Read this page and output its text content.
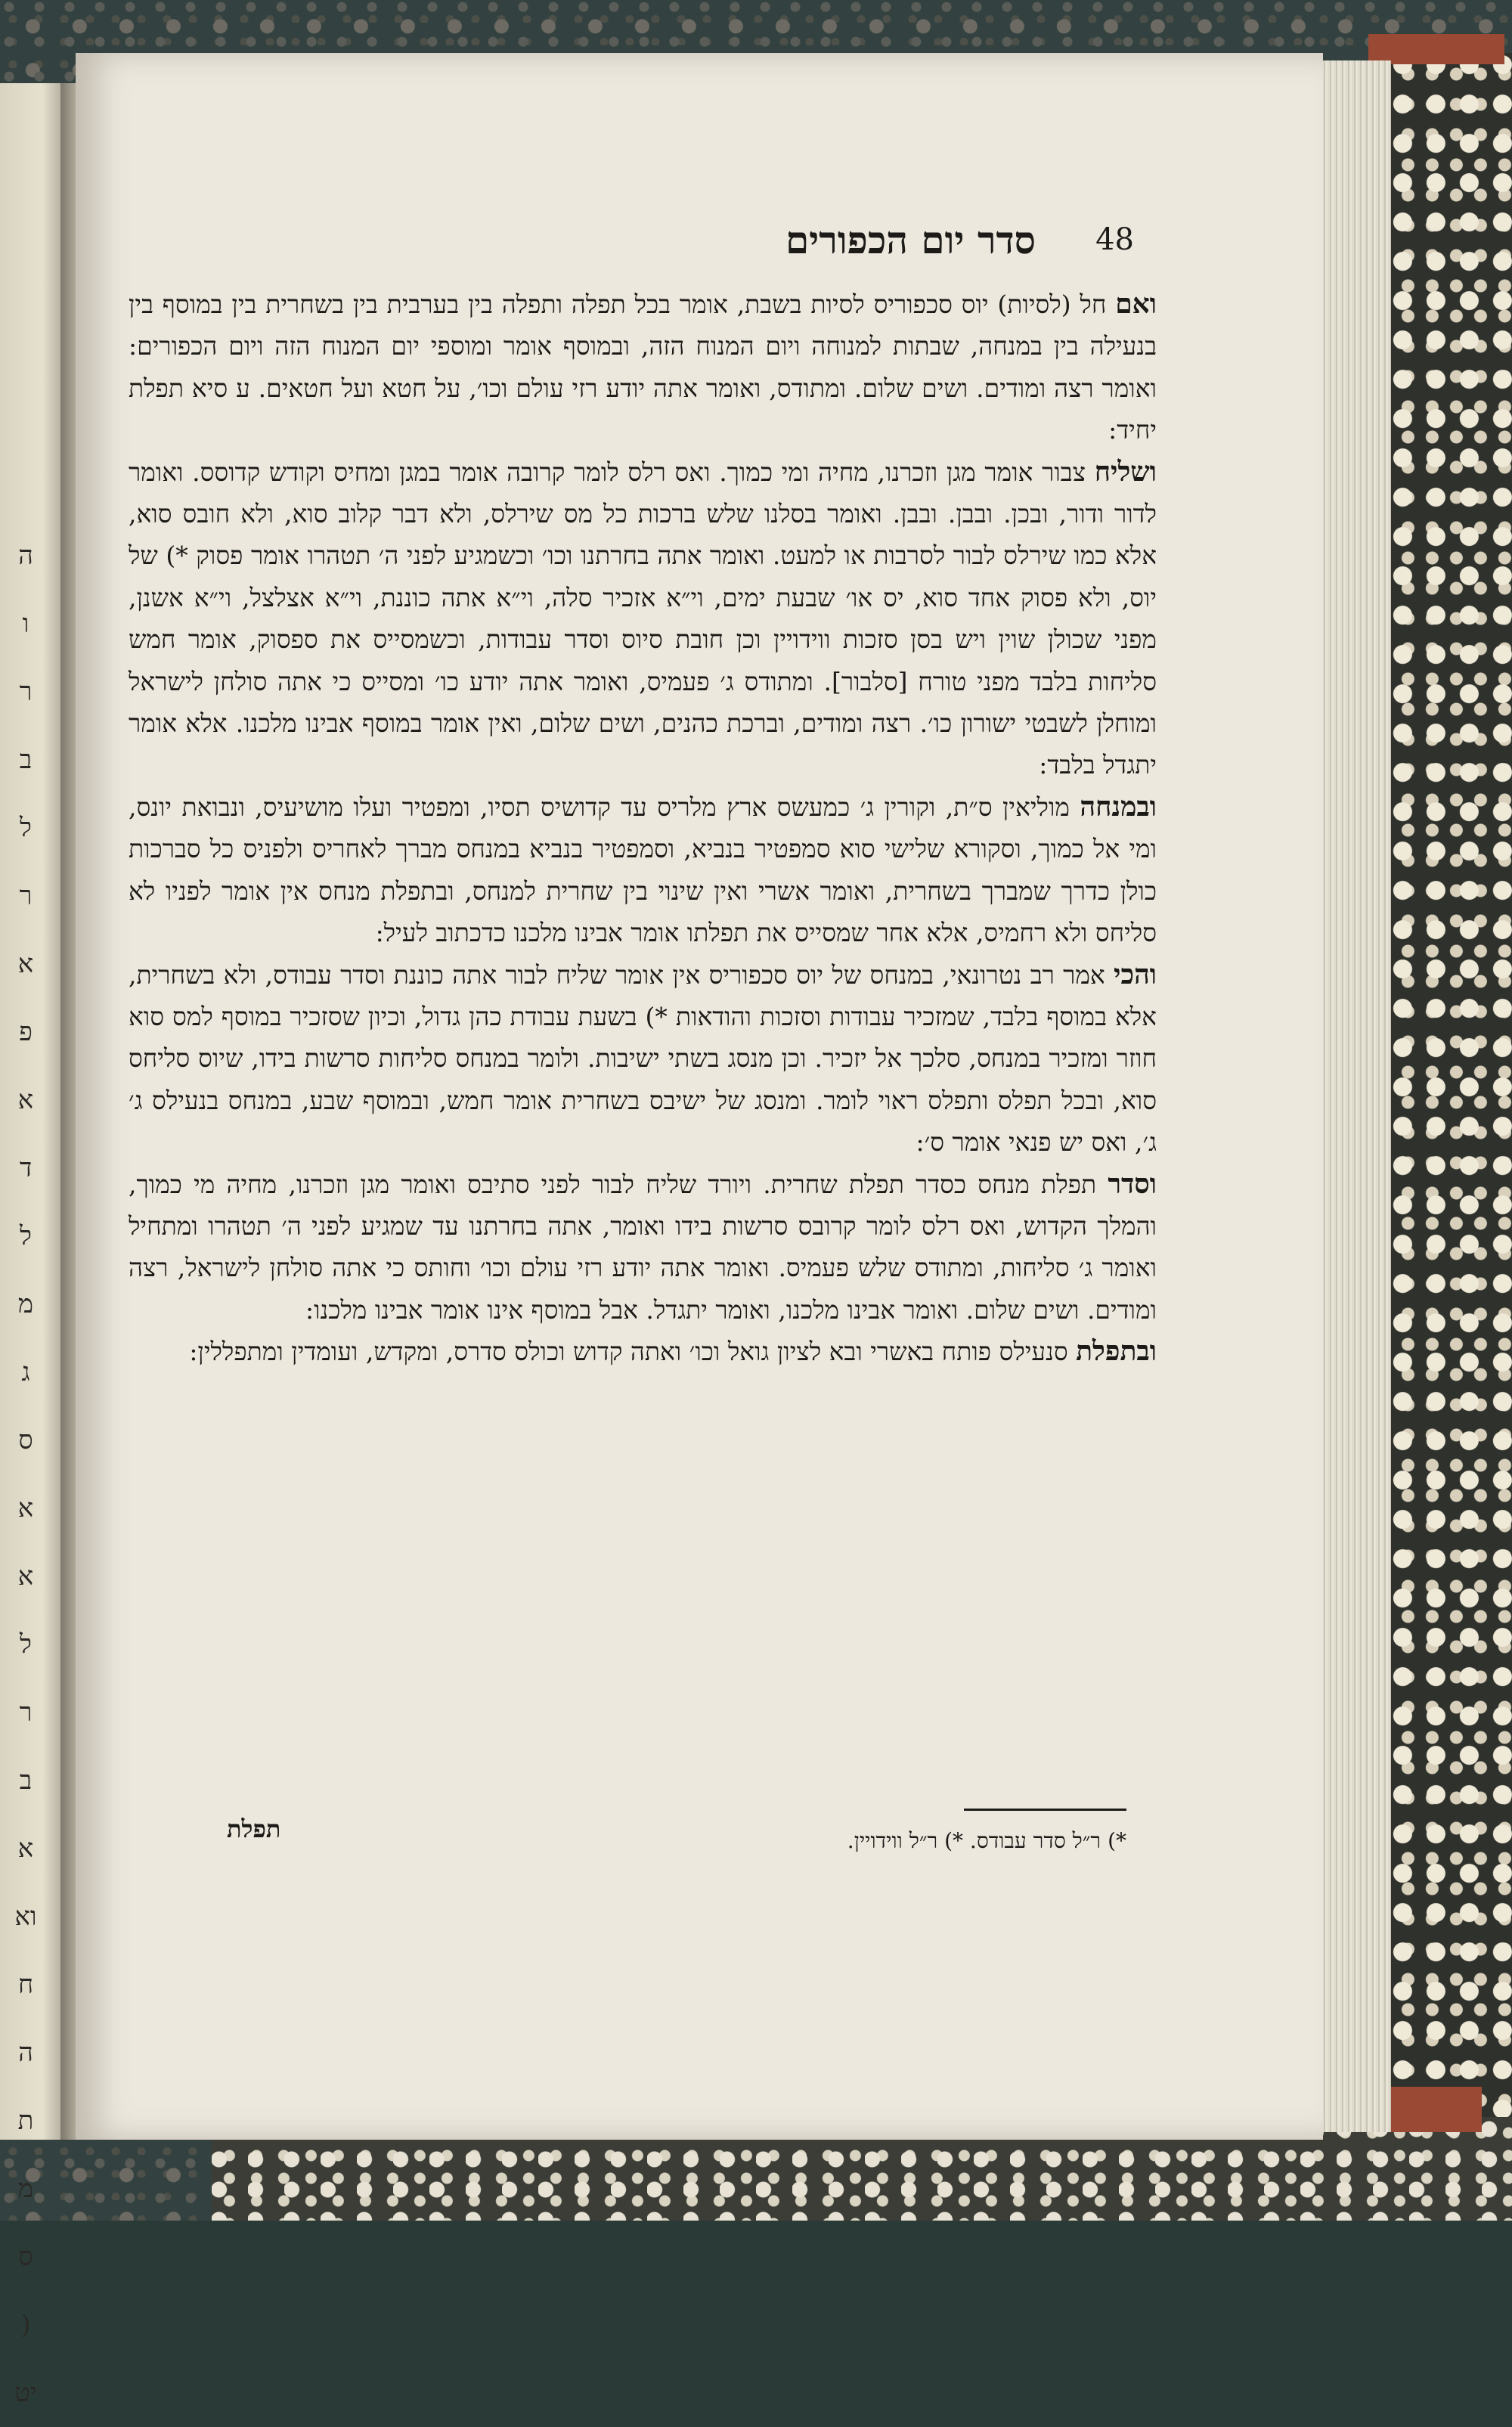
ה
ו
ר
ב
ל
ר
א
פ
א
ד
ל
מ
ג
ס
א
א
ל
ר
ב
א
וא
ח
ה
ת
מ
ס
(
יט
סדר יום הכפורים 48

ואם חל (לסיות) יוס סכפוריס לסיות בשבת, אומר בכל תפלה ותפלה בין בערבית בין בשחרית בין במוסף בין בנעילה בין במנחה, שבתות למנוחה ויום המנוח הזה, ובמוסף אומר ומוספי יום המנוח הזה ויום הכפורים: ואומר רצה ומודים. ושים שלום. ומתודס, ואומר אתה יודע רזי עולם וכו׳, על חטא ועל חטאים. ע סיא תפלת יחיד:

ושליח צבור אומר מגן וזכרנו, מחיה ומי כמוך. ואס רלס לומר קרובה אומר במגן ומחיס וקודש קדוסס. ואומר לדור ודור, ובכן. ובבן. ובבן. ואומר בסלנו שלש ברכות כל מס שירלס, ולא דבר קלוב סוא, ולא חובס סוא, אלא כמו שירלס לבור לסרבות או למעט. ואומר אתה בחרתנו וכו׳ וכשמגיע לפני ה׳ תטהרו אומר פסוק *) של יוס, ולא פסוק אחד סוא, יס או׳ שבעת ימים, וי״א אזכיר סלה, וי״א אתה כוננת, וי״א אצלצל, וי״א אשנן, מפני שכולן שוין ויש בסן סזכות ווידויין וכן חובת סיוס וסדר עבודות, וכשמסייס את ספסוק, אומר חמש סליחות בלבד מפני טורח [סלבור]. ומתודס ג׳ פעמיס, ואומר אתה יודע כו׳ ומסייס כי אתה סולחן לישראל ומוחלן לשבטי ישורון כו׳. רצה ומודים, וברכת כהנים, ושים שלום, ואין אומר במוסף אבינו מלכנו. אלא אומר יתגדל בלבד:

ובמנחה מוליאין ס״ת, וקורין ג׳ כמעשס ארץ מלריס עד קדושיס תסיו, ומפטיר ועלו מושיעיס, ונבואת יונס, ומי אל כמוך, וסקורא שלישי סוא סמפטיר בנביא, וסמפטיר בנביא במנחס מברך לאחריס ולפניס כל סברכות כולן כדרך שמברך בשחרית, ואומר אשרי ואין שינוי בין שחרית למנחס, ובתפלת מנחס אין אומר לפניו לא סליחס ולא רחמיס, אלא אחר שמסייס את תפלתו אומר אבינו מלכנו כדכתוב לעיל:

והכי אמר רב נטרונאי, במנחס של יוס סכפוריס אין אומר שליח לבור אתה כוננת וסדר עבודס, ולא בשחרית, אלא במוסף בלבד, שמזכיר עבודות וסזכות והודאות *) בשעת עבודת כהן גדול, וכיון שסזכיר במוסף למס סוא חוזר ומזכיר במנחס, סלכך אל יזכיר. וכן מנסג בשתי ישיבות. ולומר במנחס סליחות סרשות בידו, שיוס סליחס סוא, ובכל תפלס ותפלס ראוי לומר. ומנסג של ישיבס בשחרית אומר חמש, ובמוסף שבע, במנחס בנעילס ג׳ ג׳, ואס יש פנאי אומר ס׳:

וסדר תפלת מנחס כסדר תפלת שחרית. ויורד שליח לבור לפני סתיבס ואומר מגן וזכרנו, מחיה מי כמוך, והמלך הקדוש, ואס רלס לומר קרובס סרשות בידו ואומר, אתה בחרתנו עד שמגיע לפני ה׳ תטהרו ומתחיל ואומר ג׳ סליחות, ומתודס שלש פעמיס. ואומר אתה יודע רזי עולם וכו׳ וחותס כי אתה סולחן לישראל, רצה ומודים. ושים שלום. ואומר אבינו מלכנו, ואומר יתגדל. אבל במוסף אינו אומר אבינו מלכנו:

ובתפלת סנעילס פותח באשרי ובא לציון גואל וכו׳ ואתה קדוש וכולס סדרס, ומקדש, ועומדין ומתפללין:

*) ר״ל סדר עבודס. *) ר״ל ווידויין.
תפלת
